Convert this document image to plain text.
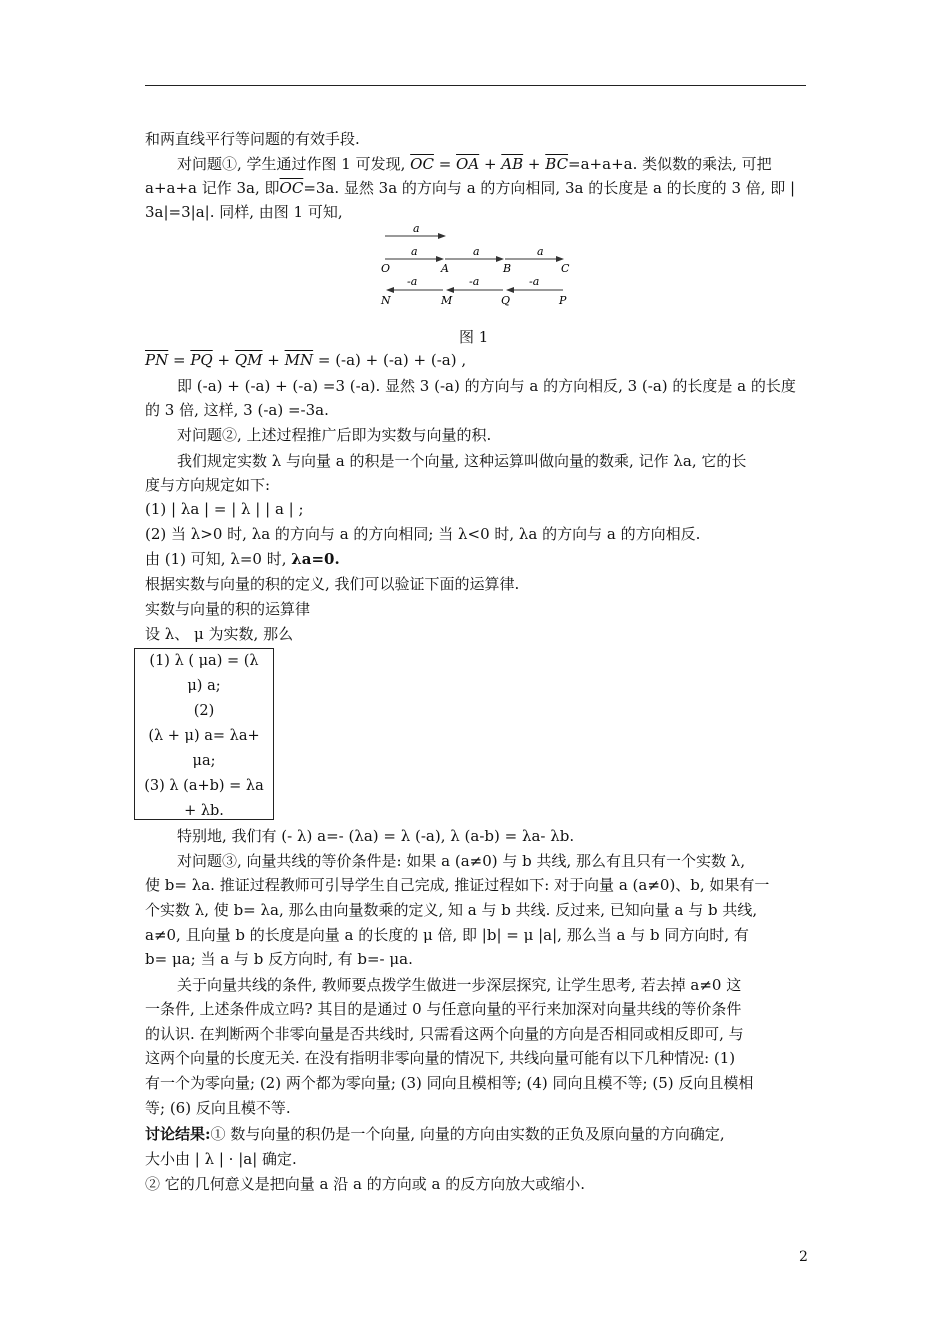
和两直线平行等问题的有效手段.
对问题①, 学生通过作图 1 可发现, $\overline{OC} = \overline{OA} + \overline{AB} + \overline{BC}=a+a+a$. 类似数的乘法, 可把
a+a+a 记作 3a, 即$\overline{OC}=3a$. 显然 3a 的方向与 a 的方向相同, 3a 的长度是 a 的长度的 3 倍, 即 |
3a|=3|a|. 同样, 由图 1 可知,
a
a	a	a
O	A	B	C
-a	-a	-a
N	M	Q	P
图 1
$\overline{PN} = \overline{PQ} + \overline{QM} + \overline{MN} = (-a) + (-a) + (-a)$ ,
即 (-a) + (-a) + (-a) =3 (-a). 显然 3 (-a) 的方向与 a 的方向相反, 3 (-a) 的长度是 a 的长度
的 3 倍, 这样, 3 (-a) =-3a.
对问题②, 上述过程推广后即为实数与向量的积.
我们规定实数 λ 与向量 a 的积是一个向量, 这种运算叫做向量的数乘, 记作 λa, 它的长
度与方向规定如下:
(1) | λa | = | λ | | a | ;
(2) 当 λ>0 时, λa 的方向与 a 的方向相同; 当 λ<0 时, λa 的方向与 a 的方向相反.
由 (1) 可知, λ=0 时, λa=0.
根据实数与向量的积的定义, 我们可以验证下面的运算律.
实数与向量的积的运算律
设 λ、 μ 为实数, 那么
(1) λ ( μa) = (λ
μ) a;
(2)
(λ + μ) a= λa+
μa;
(3) λ (a+b) = λa
+ λb.
特别地, 我们有 (- λ) a=- (λa) = λ (-a), λ (a-b) = λa- λb.
对问题③, 向量共线的等价条件是: 如果 a (a≠0) 与 b 共线, 那么有且只有一个实数 λ,
使 b= λa. 推证过程教师可引导学生自己完成, 推证过程如下: 对于向量 a (a≠0)、b, 如果有一
个实数 λ, 使 b= λa, 那么由向量数乘的定义, 知 a 与 b 共线. 反过来, 已知向量 a 与 b 共线,
a≠0, 且向量 b 的长度是向量 a 的长度的 μ 倍, 即 |b| = μ |a|, 那么当 a 与 b 同方向时, 有
b= μa; 当 a 与 b 反方向时, 有 b=- μa.
关于向量共线的条件, 教师要点拨学生做进一步深层探究, 让学生思考, 若去掉 a≠0 这
一条件, 上述条件成立吗? 其目的是通过 0 与任意向量的平行来加深对向量共线的等价条件
的认识. 在判断两个非零向量是否共线时, 只需看这两个向量的方向是否相同或相反即可, 与
这两个向量的长度无关. 在没有指明非零向量的情况下, 共线向量可能有以下几种情况: (1)
有一个为零向量; (2) 两个都为零向量; (3) 同向且模相等; (4) 同向且模不等; (5) 反向且模相
等; (6) 反向且模不等.
讨论结果:① 数与向量的积仍是一个向量, 向量的方向由实数的正负及原向量的方向确定,
大小由 | λ | · |a| 确定.
② 它的几何意义是把向量 a 沿 a 的方向或 a 的反方向放大或缩小.
2
